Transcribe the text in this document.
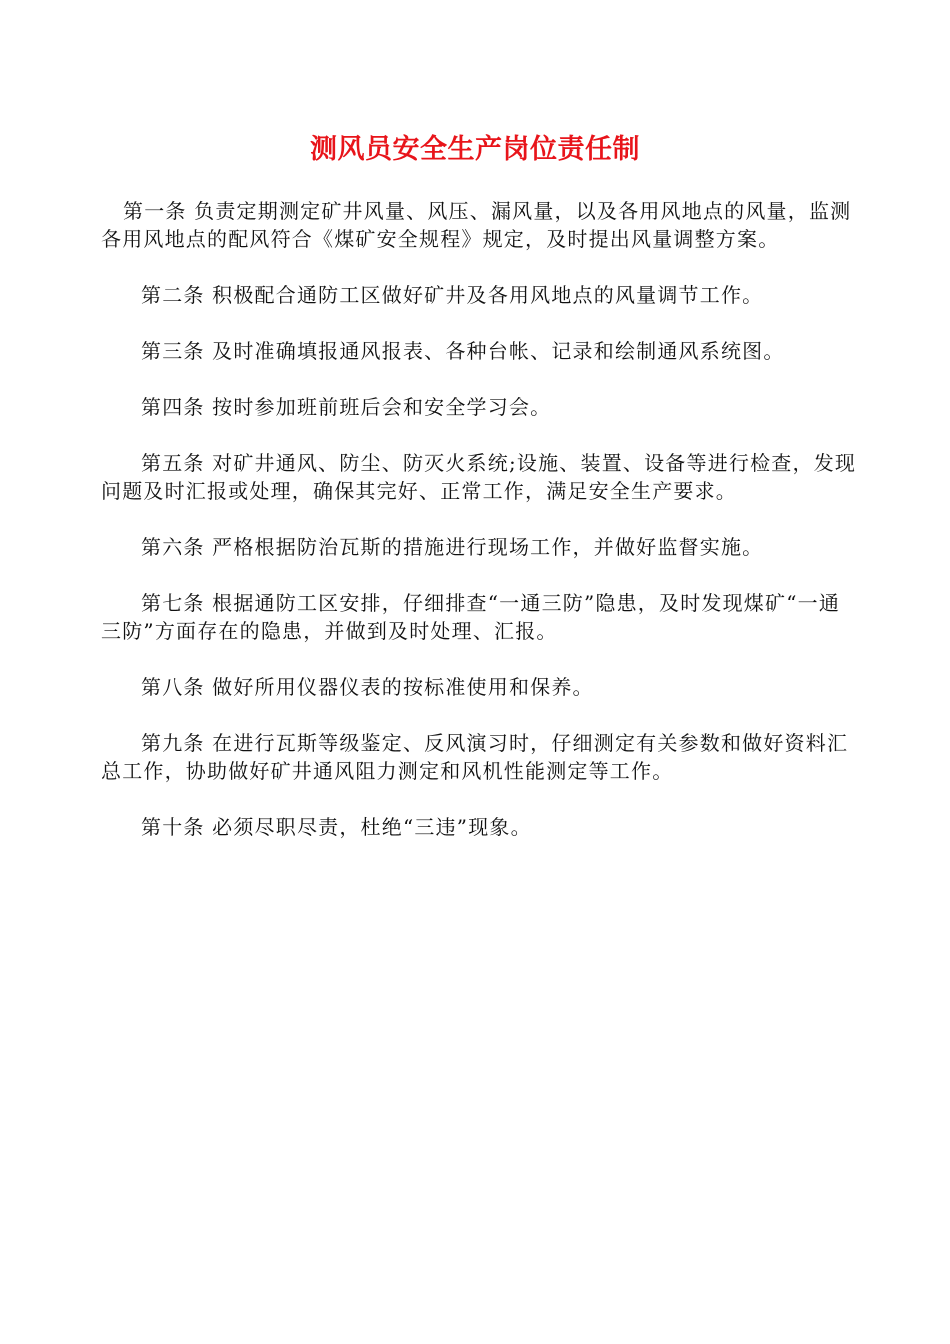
测风员安全生产岗位责任制

第一条 负责定期测定矿井风量、风压、漏风量，以及各用风地点的风量，监测各用风地点的配风符合《煤矿安全规程》规定，及时提出风量调整方案。

第二条 积极配合通防工区做好矿井及各用风地点的风量调节工作。

第三条 及时准确填报通风报表、各种台帐、记录和绘制通风系统图。

第四条 按时参加班前班后会和安全学习会。

第五条 对矿井通风、防尘、防灭火系统;设施、装置、设备等进行检查，发现问题及时汇报或处理，确保其完好、正常工作，满足安全生产要求。

第六条 严格根据防治瓦斯的措施进行现场工作，并做好监督实施。

第七条 根据通防工区安排，仔细排查“一通三防”隐患，及时发现煤矿“一通三防”方面存在的隐患，并做到及时处理、汇报。

第八条 做好所用仪器仪表的按标准使用和保养。

第九条 在进行瓦斯等级鉴定、反风演习时，仔细测定有关参数和做好资料汇总工作，协助做好矿井通风阻力测定和风机性能测定等工作。

第十条 必须尽职尽责，杜绝“三违”现象。
